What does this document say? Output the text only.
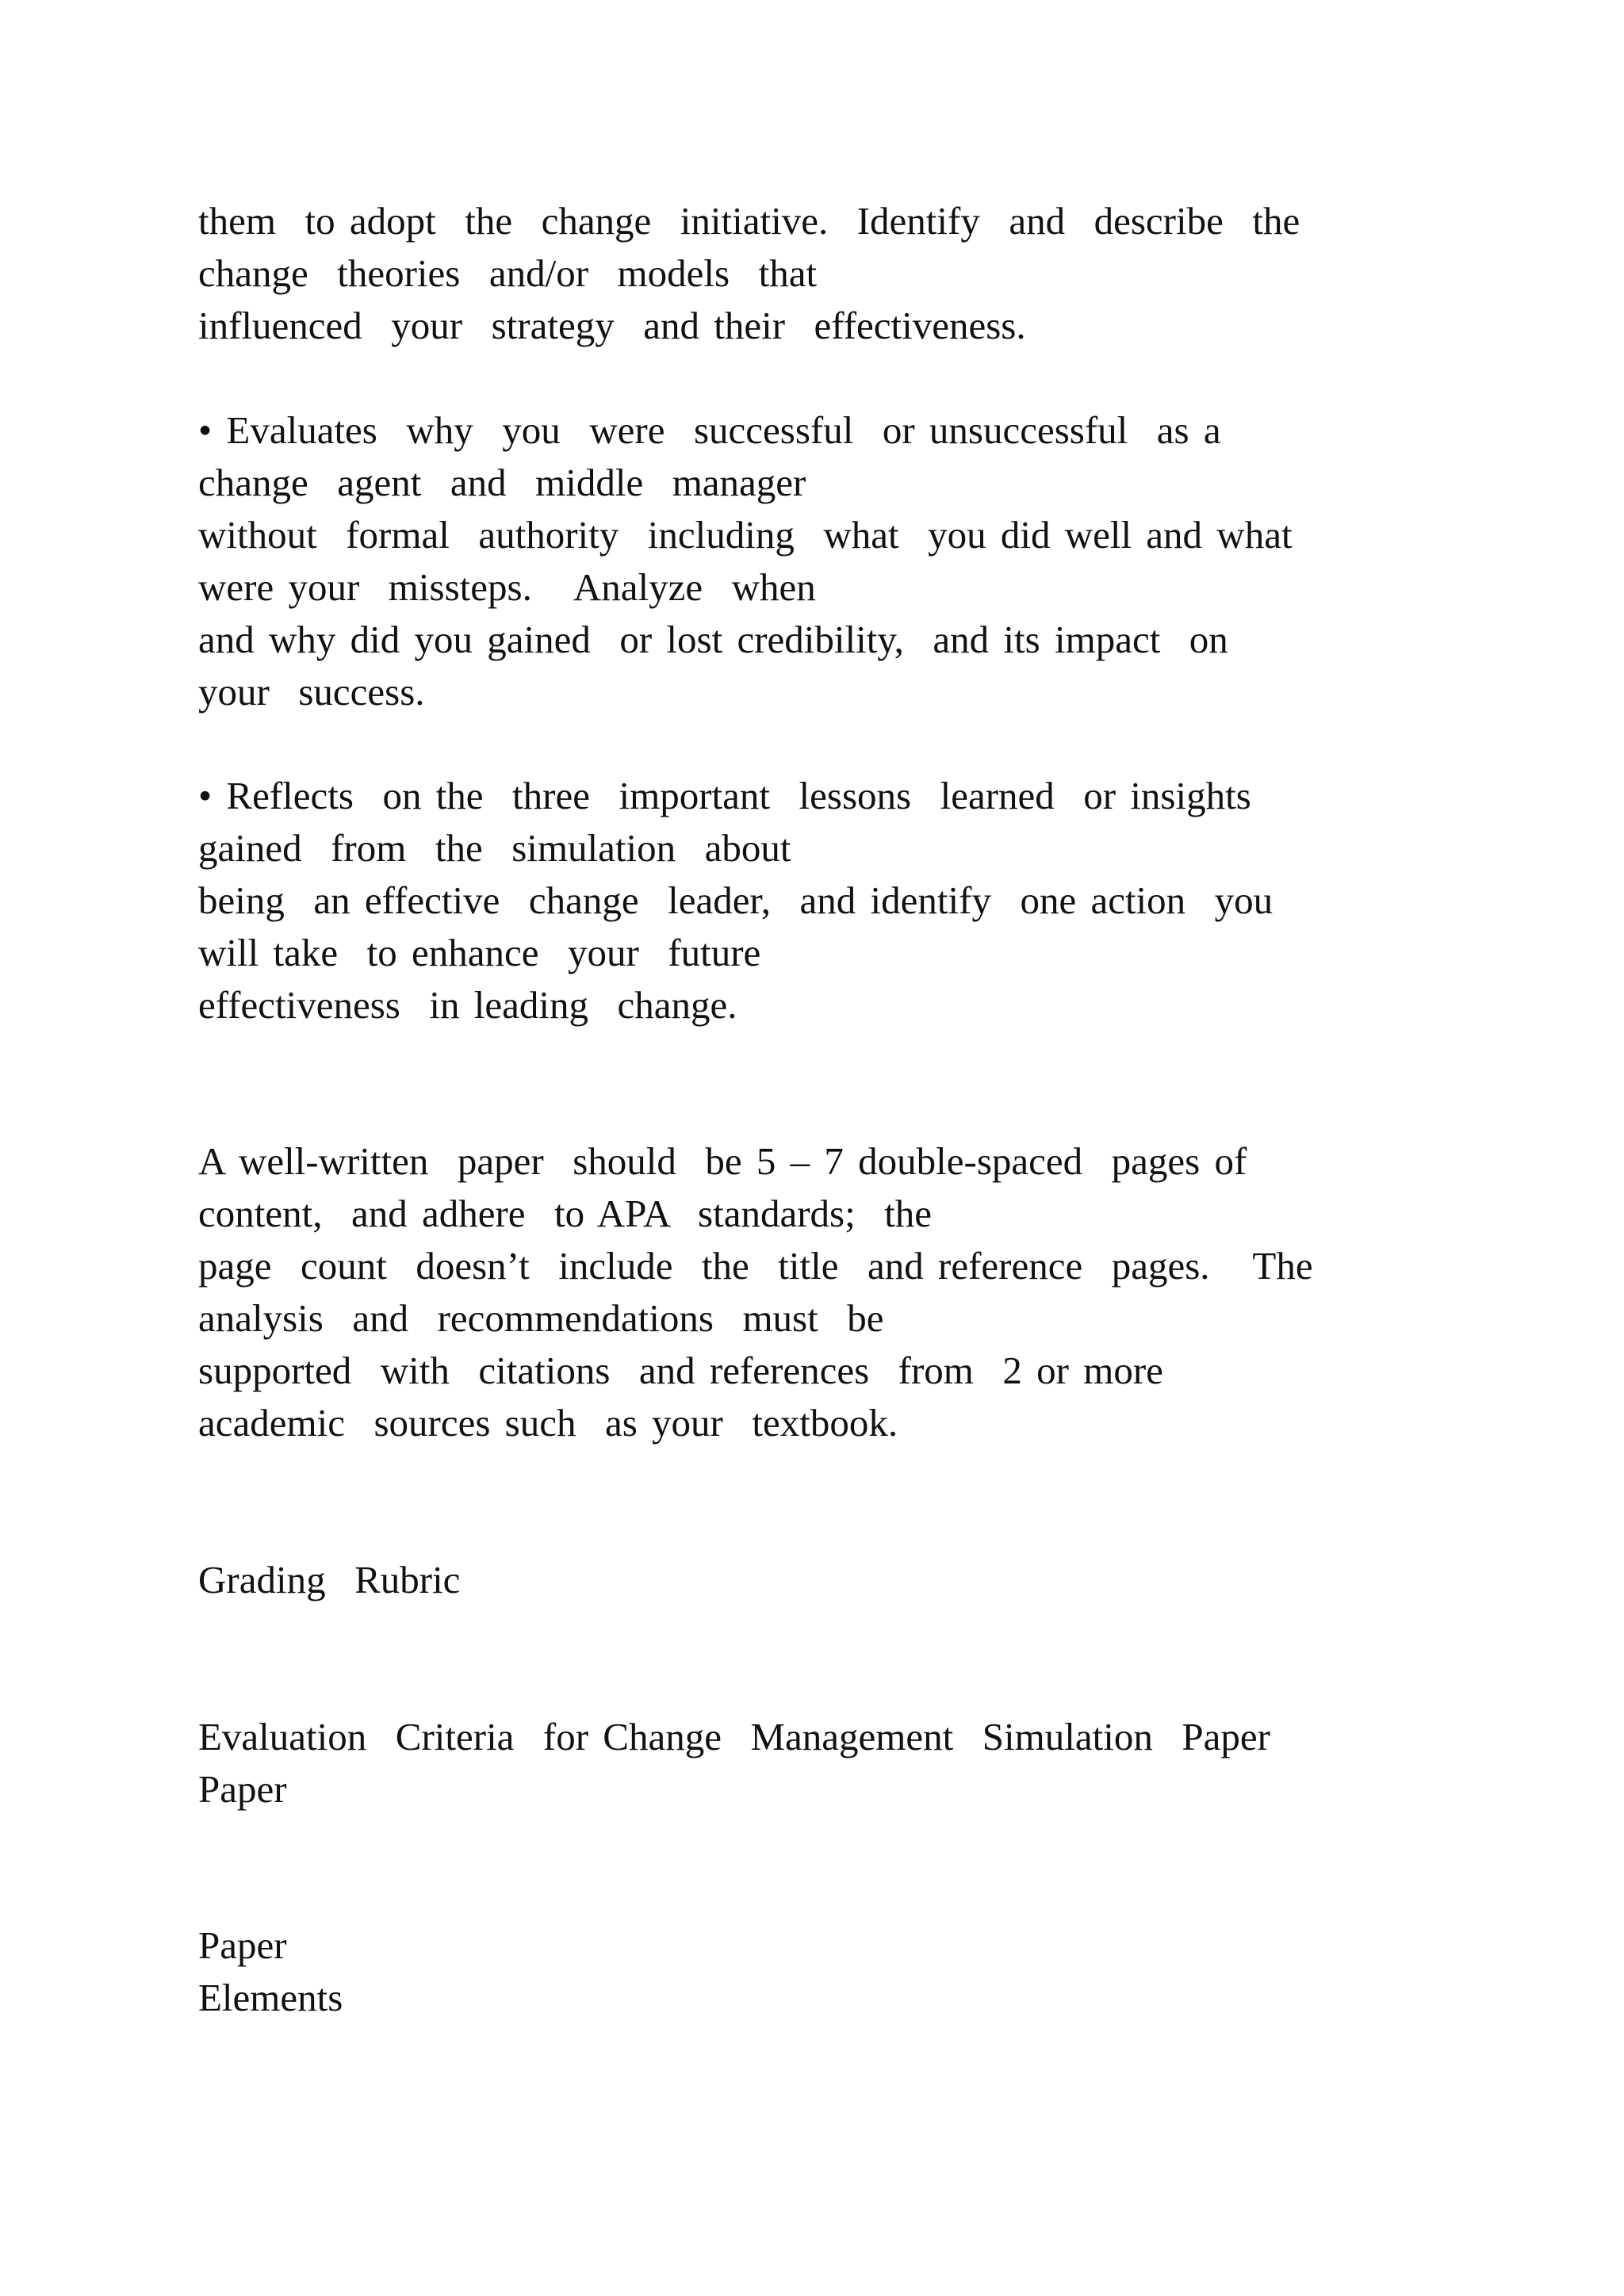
them  to adopt  the  change  initiative.  Identify  and  describe  the
change  theories  and/or  models  that
influenced  your  strategy  and their  effectiveness.
• Evaluates  why  you  were  successful  or unsuccessful  as a
change  agent  and  middle  manager
without  formal  authority  including  what  you did well and what
were your  missteps.   Analyze  when
and why did you gained  or lost credibility,  and its impact  on
your  success.
• Reflects  on the  three  important  lessons  learned  or insights
gained  from  the  simulation  about
being  an effective  change  leader,  and identify  one action  you
will take  to enhance  your  future
effectiveness  in leading  change.
A well-written  paper  should  be 5 – 7 double-spaced  pages of
content,  and adhere  to APA  standards;  the
page  count  doesn’t  include  the  title  and reference  pages.   The
analysis  and  recommendations  must  be
supported  with  citations  and references  from  2 or more
academic  sources such  as your  textbook.
Grading  Rubric
Evaluation  Criteria  for Change  Management  Simulation  Paper
Paper
Paper
Elements
